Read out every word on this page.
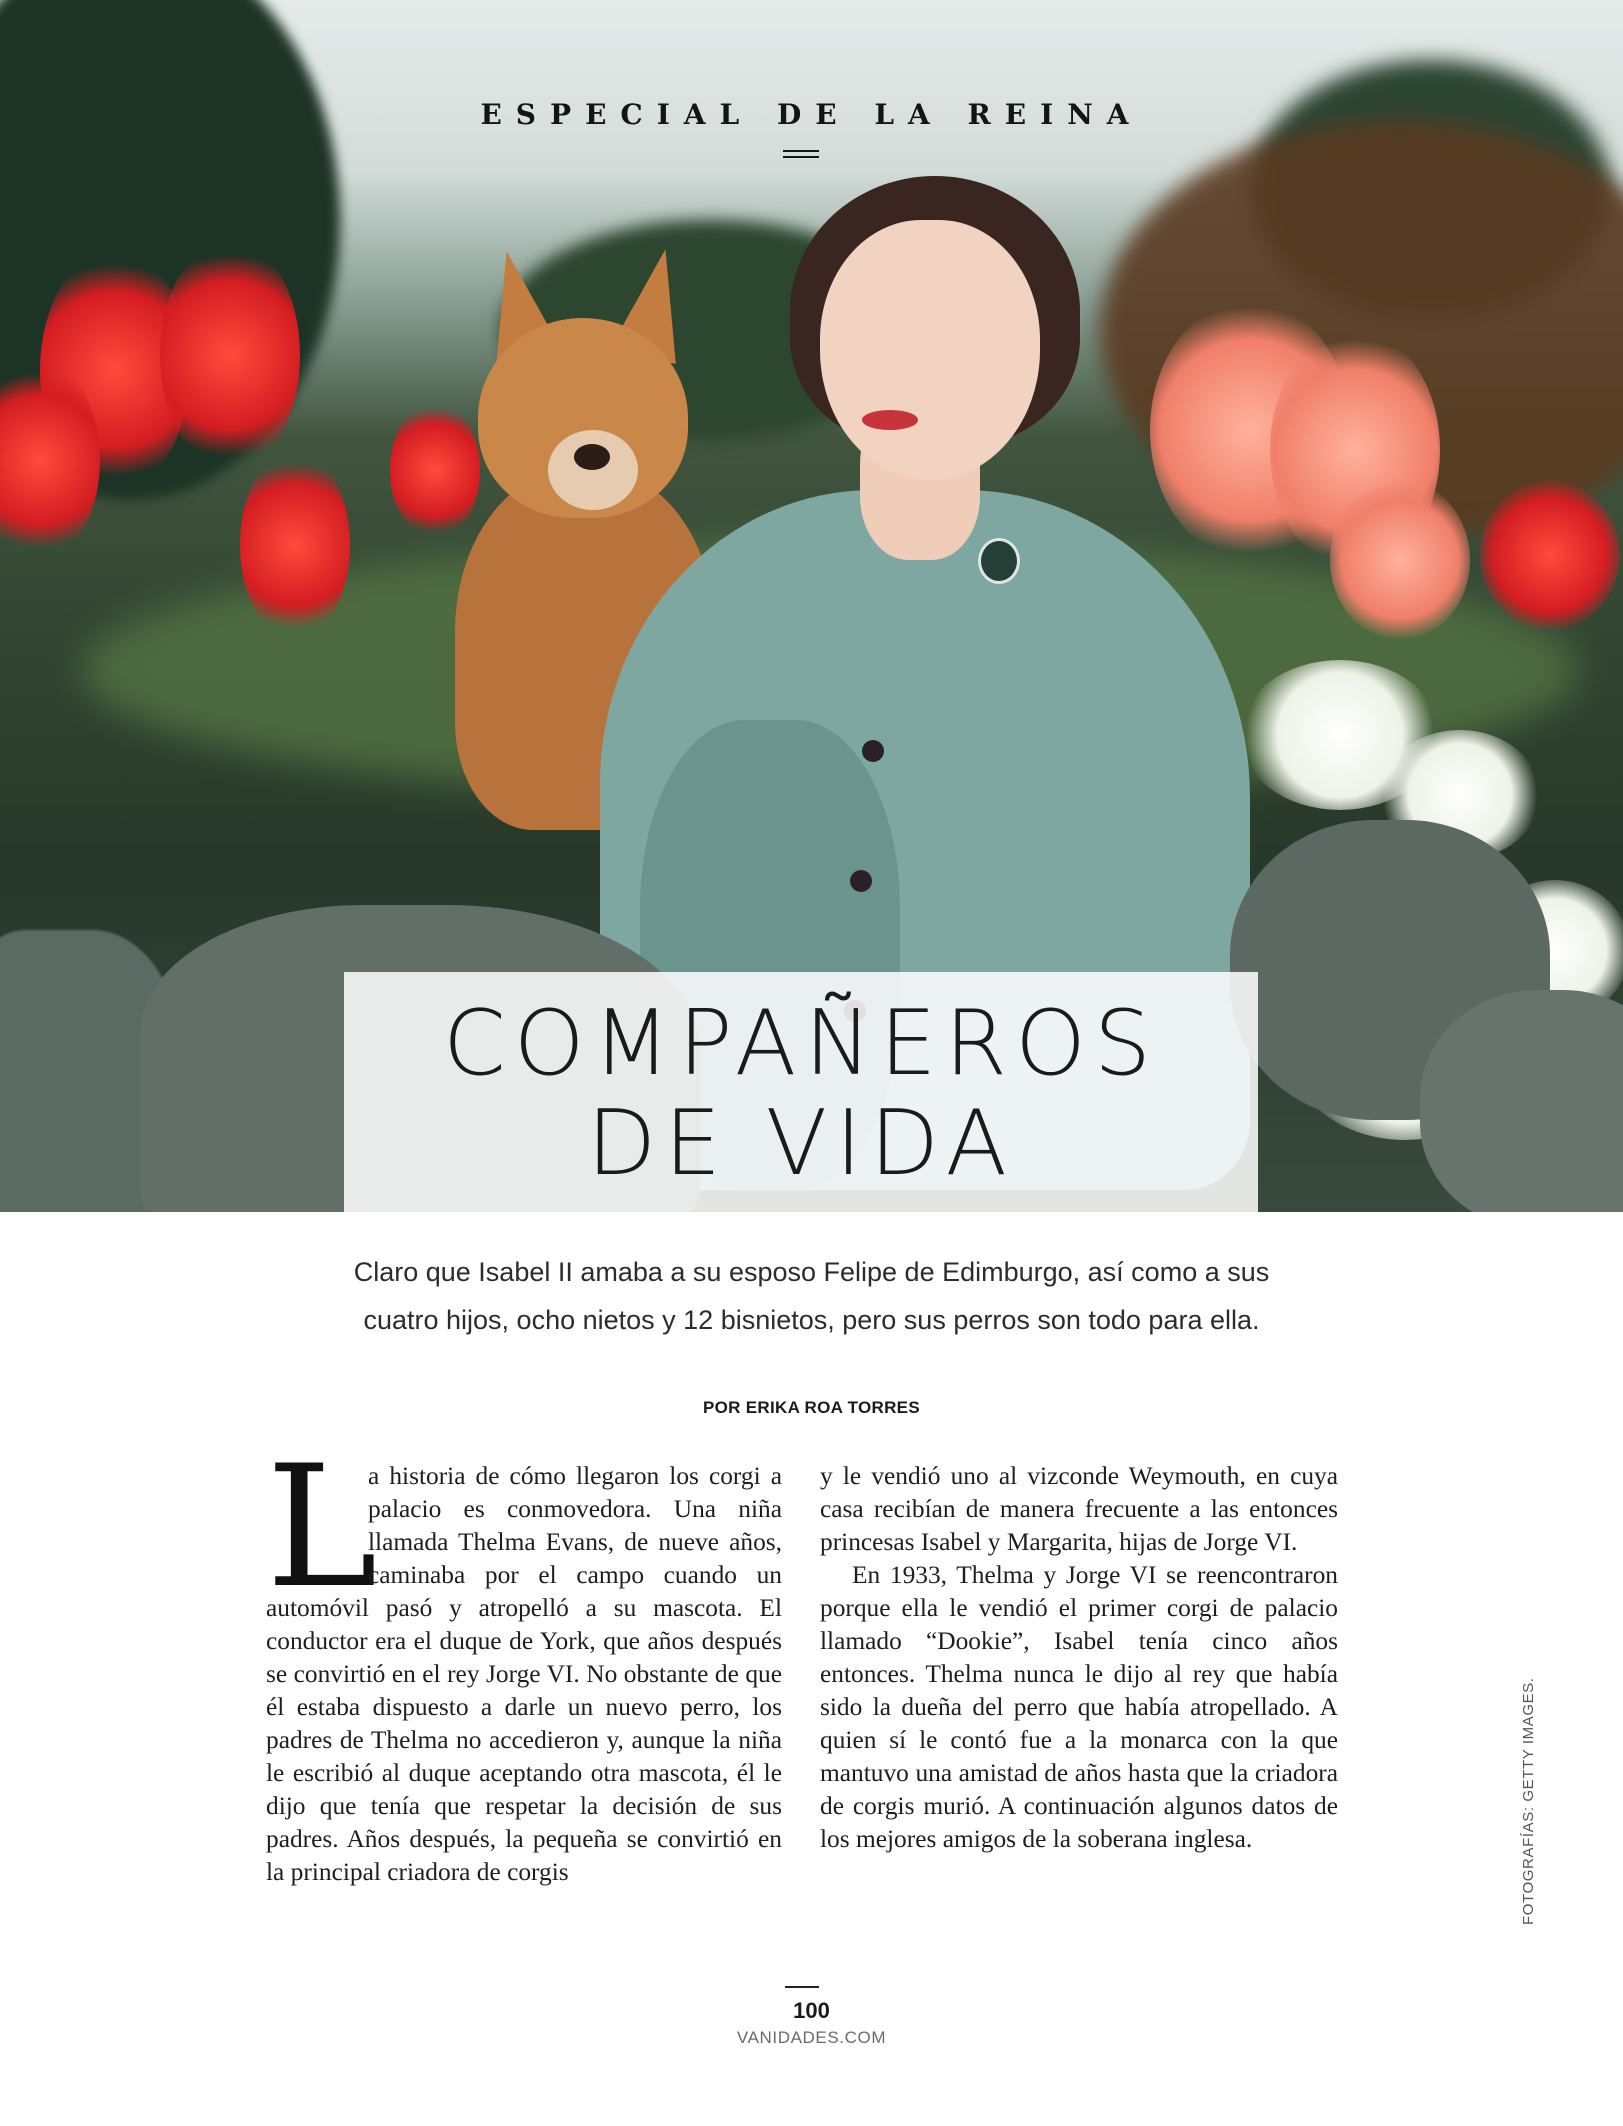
ESPECIAL DE LA REINA
COMPAÑEROS
DE VIDA
Claro que Isabel II amaba a su esposo Felipe de Edimburgo, así como a sus
cuatro hijos, ocho nietos y 12 bisnietos, pero sus perros son todo para ella.
POR ERIKA ROA TORRES
L

a historia de cómo llegaron los corgi a palacio es conmovedora. Una niña llamada Thelma Evans, de nueve años, caminaba por el campo cuando un automóvil pasó y atropelló a su mascota. El conductor era el duque de York, que años después se convirtió en el rey Jorge VI. No obstante de que él estaba dispuesto a darle un nuevo perro, los padres de Thelma no accedieron y, aunque la niña le escribió al duque aceptando otra mascota, él le dijo que tenía que respetar la decisión de sus padres. Años después, la pequeña se convirtió en la principal criadora de corgis

y le vendió uno al vizconde Weymouth, en cuya casa recibían de manera frecuente a las entonces princesas Isabel y Margarita, hijas de Jorge VI.

En 1933, Thelma y Jorge VI se reencontraron porque ella le vendió el primer corgi de palacio llamado “Dookie”, Isabel tenía cinco años entonces. Thelma nunca le dijo al rey que había sido la dueña del perro que había atropellado. A quien sí le contó fue a la monarca con la que mantuvo una amistad de años hasta que la criadora de corgis murió. A continuación algunos datos de los mejores amigos de la soberana inglesa.	FOTOGRAFÍAS: GETTY IMAGES.
100
VANIDADES.COM
